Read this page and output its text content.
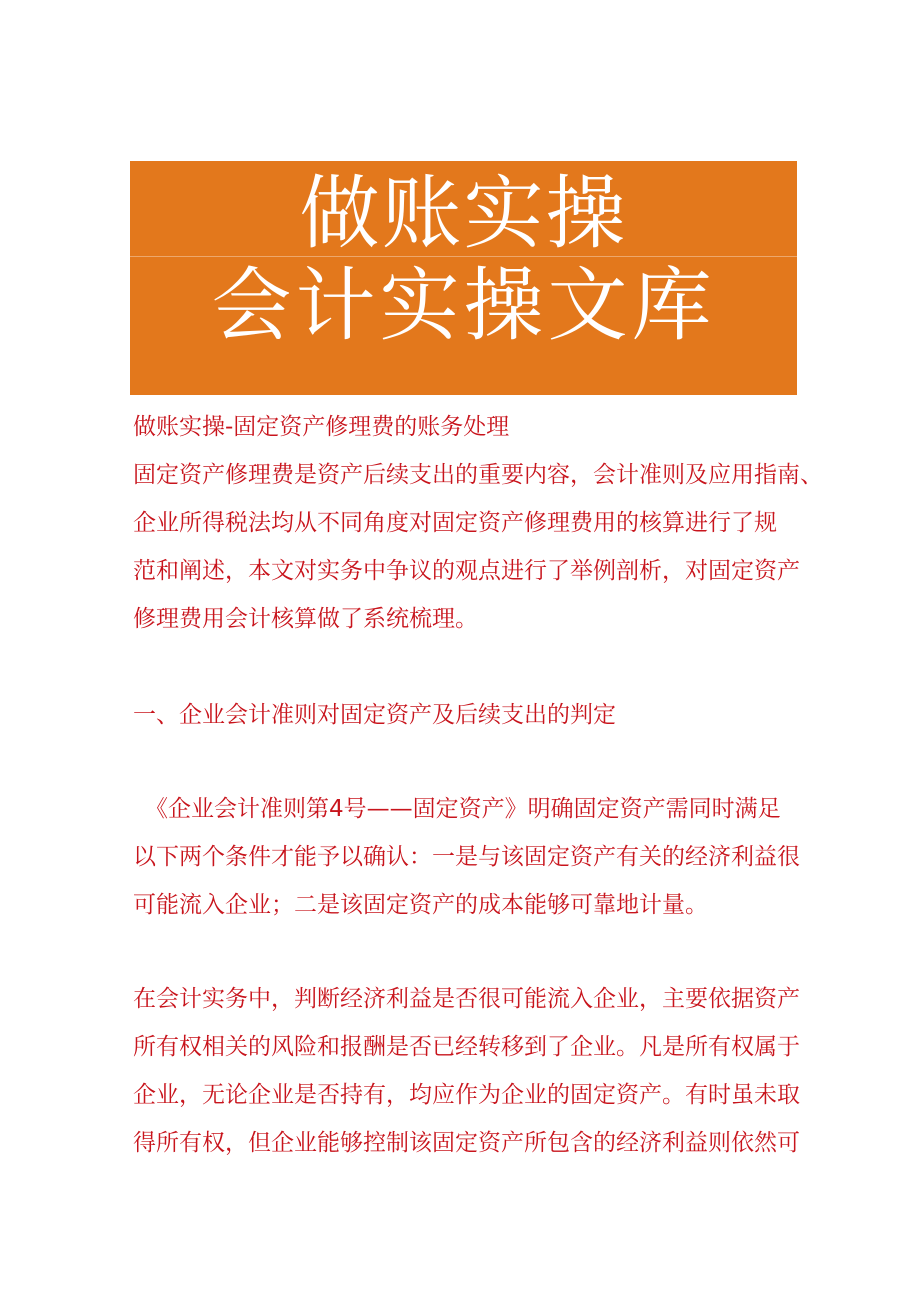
做账实操
会计实操文库
做账实操-固定资产修理费的账务处理
固定资产修理费是资产后续支出的重要内容，会计准则及应用指南、
企业所得税法均从不同角度对固定资产修理费用的核算进行了规
范和阐述，本文对实务中争议的观点进行了举例剖析，对固定资产
修理费用会计核算做了系统梳理。
一、企业会计准则对固定资产及后续支出的判定
《企业会计准则第4号——固定资产》明确固定资产需同时满足
以下两个条件才能予以确认：一是与该固定资产有关的经济利益很
可能流入企业；二是该固定资产的成本能够可靠地计量。
在会计实务中，判断经济利益是否很可能流入企业，主要依据资产
所有权相关的风险和报酬是否已经转移到了企业。凡是所有权属于
企业，无论企业是否持有，均应作为企业的固定资产。有时虽未取
得所有权，但企业能够控制该固定资产所包含的经济利益则依然可
